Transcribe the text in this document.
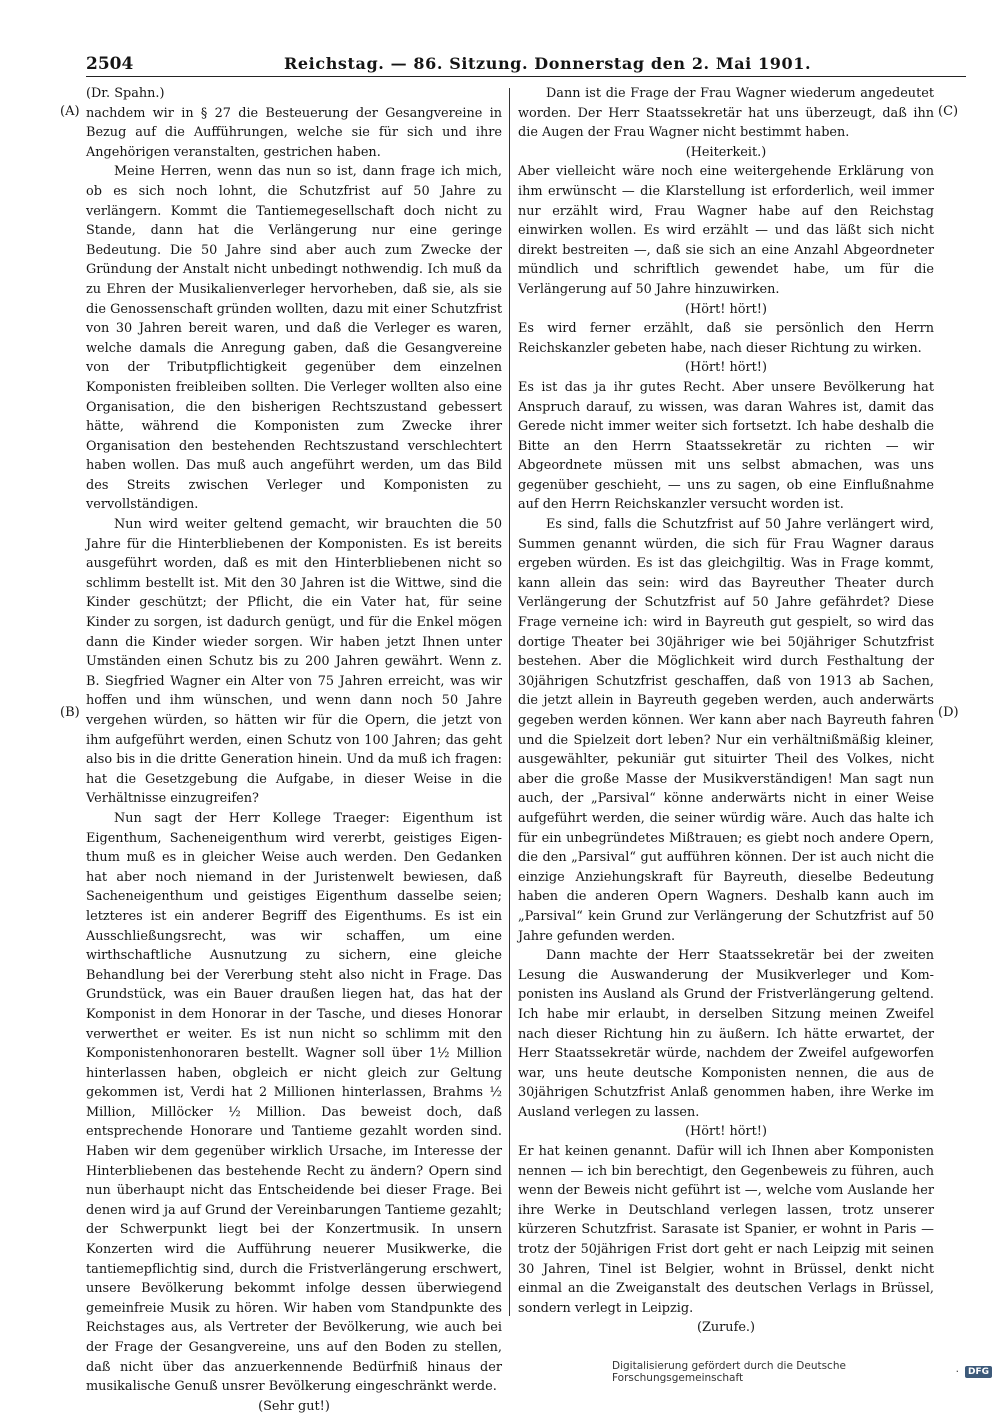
2504	Reichstag. — 86. Sitzung. Donnerstag den 2. Mai 1901.
(A)
(B)
(C)
(D)

(Dr. Spahn.)

nachdem wir in § 27 die Besteuerung der Gesangvereine in Bezug auf die Aufführungen, welche sie für sich und ihre Angehörigen veranstalten, gestrichen haben.

Meine Herren, wenn das nun so ist, dann frage ich mich, ob es sich noch lohnt, die Schutzfrist auf 50 Jahre zu verlängern. Kommt die Tantiemegesellschaft doch nicht zu Stande, dann hat die Verlängerung nur eine geringe Bedeutung. Die 50 Jahre sind aber auch zum Zwecke der Gründung der Anstalt nicht unbedingt nothwendig. Ich muß da zu Ehren der Musikalienverleger hervorheben, daß sie, als sie die Genossenschaft gründen wollten, dazu mit einer Schutzfrist von 30 Jahren bereit waren, und daß die Verleger es waren, welche damals die Anregung gaben, daß die Gesangvereine von der Tributpflichtigkeit gegenüber dem einzelnen Komponisten freibleiben sollten. Die Verleger wollten also eine Organisation, die den bisherigen Rechtszustand gebessert hätte, während die Komponisten zum Zwecke ihrer Organisation den bestehenden Rechtszustand verschlechtert haben wollen. Das muß auch angeführt werden, um das Bild des Streits zwischen Verleger und Komponisten zu vervollständigen.

Nun wird weiter geltend gemacht, wir brauchten die 50 Jahre für die Hinterbliebenen der Komponisten. Es ist bereits ausgeführt worden, daß es mit den Hinterbliebenen nicht so schlimm bestellt ist. Mit den 30 Jahren ist die Wittwe, sind die Kinder geschützt; der Pflicht, die ein Vater hat, für seine Kinder zu sorgen, ist dadurch genügt, und für die Enkel mögen dann die Kinder wieder sorgen. Wir haben jetzt Ihnen unter Umständen einen Schutz bis zu 200 Jahren gewährt. Wenn z. B. Siegfried Wagner ein Alter von 75 Jahren erreicht, was wir hoffen und ihm wünschen, und wenn dann noch 50 Jahre vergehen würden, so hätten wir für die Opern, die jetzt von ihm aufgeführt werden, einen Schutz von 100 Jahren; das geht also bis in die dritte Generation hinein. Und da muß ich fragen: hat die Gesetzgebung die Aufgabe, in dieser Weise in die Verhältnisse einzugreifen?

Nun sagt der Herr Kollege Traeger: Eigenthum ist Eigenthum, Sacheneigenthum wird vererbt, geistiges Eigenthum muß es in gleicher Weise auch werden. Den Gedanken hat aber noch niemand in der Juristenwelt bewiesen, daß Sacheneigenthum und geistiges Eigenthum dasselbe seien; letzteres ist ein anderer Begriff des Eigenthums. Es ist ein Ausschließungsrecht, was wir schaffen, um eine wirthschaftliche Ausnutzung zu sichern, eine gleiche Behandlung bei der Vererbung steht also nicht in Frage. Das Grundstück, was ein Bauer draußen liegen hat, das hat der Komponist in dem Honorar in der Tasche, und dieses Honorar verwerthet er weiter. Es ist nun nicht so schlimm mit den Komponistenhonoraren bestellt. Wagner soll über 1½ Million hinterlassen haben, obgleich er nicht gleich zur Geltung gekommen ist, Verdi hat 2 Millionen hinterlassen, Brahms ½ Million, Millöcker ½ Million. Das beweist doch, daß entsprechende Honorare und Tantieme gezahlt worden sind. Haben wir dem gegenüber wirklich Ursache, im Interesse der Hinterbliebenen das bestehende Recht zu ändern? Opern sind nun überhaupt nicht das Entscheidende bei dieser Frage. Bei denen wird ja auf Grund der Vereinbarungen Tantieme gezahlt; der Schwerpunkt liegt bei der Konzertmusik. In unsern Konzerten wird die Aufführung neuerer Musikwerke, die tantiemepflichtig sind, durch die Fristverlängerung erschwert, unsere Bevölkerung bekommt infolge dessen überwiegend gemeinfreie Musik zu hören. Wir haben vom Standpunkte des Reichstages aus, als Vertreter der Bevölkerung, wie auch bei der Frage der Gesangvereine, uns auf den Boden zu stellen, daß nicht über das anzuerkennende Bedürfniß hinaus der musikalische Genuß unsrer Bevölkerung eingeschränkt werde.

(Sehr gut!)

Dann ist die Frage der Frau Wagner wiederum angedeutet worden. Der Herr Staatssekretär hat uns überzeugt, daß ihn die Augen der Frau Wagner nicht bestimmt haben.

(Heiterkeit.)

Aber vielleicht wäre noch eine weitergehende Erklärung von ihm erwünscht — die Klarstellung ist erforderlich, weil immer nur erzählt wird, Frau Wagner habe auf den Reichstag einwirken wollen. Es wird erzählt — und das läßt sich nicht direkt bestreiten —, daß sie sich an eine Anzahl Abgeordneter mündlich und schriftlich gewendet habe, um für die Verlängerung auf 50 Jahre hinzuwirken.

(Hört! hört!)

Es wird ferner erzählt, daß sie persönlich den Herrn Reichskanzler gebeten habe, nach dieser Richtung zu wirken.

(Hört! hört!)

Es ist das ja ihr gutes Recht. Aber unsere Bevölkerung hat Anspruch darauf, zu wissen, was daran Wahres ist, damit das Gerede nicht immer weiter sich fortsetzt. Ich habe deshalb die Bitte an den Herrn Staatssekretär zu richten — wir Abgeordnete müssen mit uns selbst abmachen, was uns gegenüber geschieht, — uns zu sagen, ob eine Einflußnahme auf den Herrn Reichskanzler versucht worden ist.

Es sind, falls die Schutzfrist auf 50 Jahre verlängert wird, Summen genannt würden, die sich für Frau Wagner daraus ergeben würden. Es ist das gleichgiltig. Was in Frage kommt, kann allein das sein: wird das Bayreuther Theater durch Verlängerung der Schutzfrist auf 50 Jahre gefährdet? Diese Frage verneine ich: wird in Bayreuth gut gespielt, so wird das dortige Theater bei 30jähriger wie bei 50jähriger Schutzfrist bestehen. Aber die Möglichkeit wird durch Festhaltung der 30jährigen Schutzfrist geschaffen, daß von 1913 ab Sachen, die jetzt allein in Bayreuth gegeben werden, auch anderwärts gegeben werden können. Wer kann aber nach Bayreuth fahren und die Spielzeit dort leben? Nur ein verhältnißmäßig kleiner, ausgewählter, pekuniär gut situirter Theil des Volkes, nicht aber die große Masse der Musikverständigen! Man sagt nun auch, der „Parsival“ könne anderwärts nicht in einer Weise aufgeführt werden, die seiner würdig wäre. Auch das halte ich für ein unbegründetes Mißtrauen; es giebt noch andere Opern, die den „Parsival“ gut aufführen können. Der ist auch nicht die einzige Anziehungskraft für Bayreuth, dieselbe Bedeutung haben die anderen Opern Wagners. Deshalb kann auch im „Parsival“ kein Grund zur Verlängerung der Schutzfrist auf 50 Jahre gefunden werden.

Dann machte der Herr Staatssekretär bei der zweiten Lesung die Auswanderung der Musikverleger und Komponisten ins Ausland als Grund der Fristverlängerung geltend. Ich habe mir erlaubt, in derselben Sitzung meinen Zweifel nach dieser Richtung hin zu äußern. Ich hätte erwartet, der Herr Staatssekretär würde, nachdem der Zweifel aufgeworfen war, uns heute deutsche Komponisten nennen, die aus de 30jährigen Schutzfrist Anlaß genommen haben, ihre Werke im Ausland verlegen zu lassen.

(Hört! hört!)

Er hat keinen genannt. Dafür will ich Ihnen aber Komponisten nennen — ich bin berechtigt, den Gegenbeweis zu führen, auch wenn der Beweis nicht geführt ist —, welche vom Auslande her ihre Werke in Deutschland verlegen lassen, trotz unserer kürzeren Schutzfrist. Sarasate ist Spanier, er wohnt in Paris — trotz der 50jährigen Frist dort geht er nach Leipzig mit seinen 30 Jahren, Tinel ist Belgier, wohnt in Brüssel, denkt nicht einmal an die Zweiganstalt des deutschen Verlags in Brüssel, sondern verlegt in Leipzig.

(Zurufe.)

Digitalisierung gefördert durch die Deutsche Forschungsgemeinschaft	·	DFG
